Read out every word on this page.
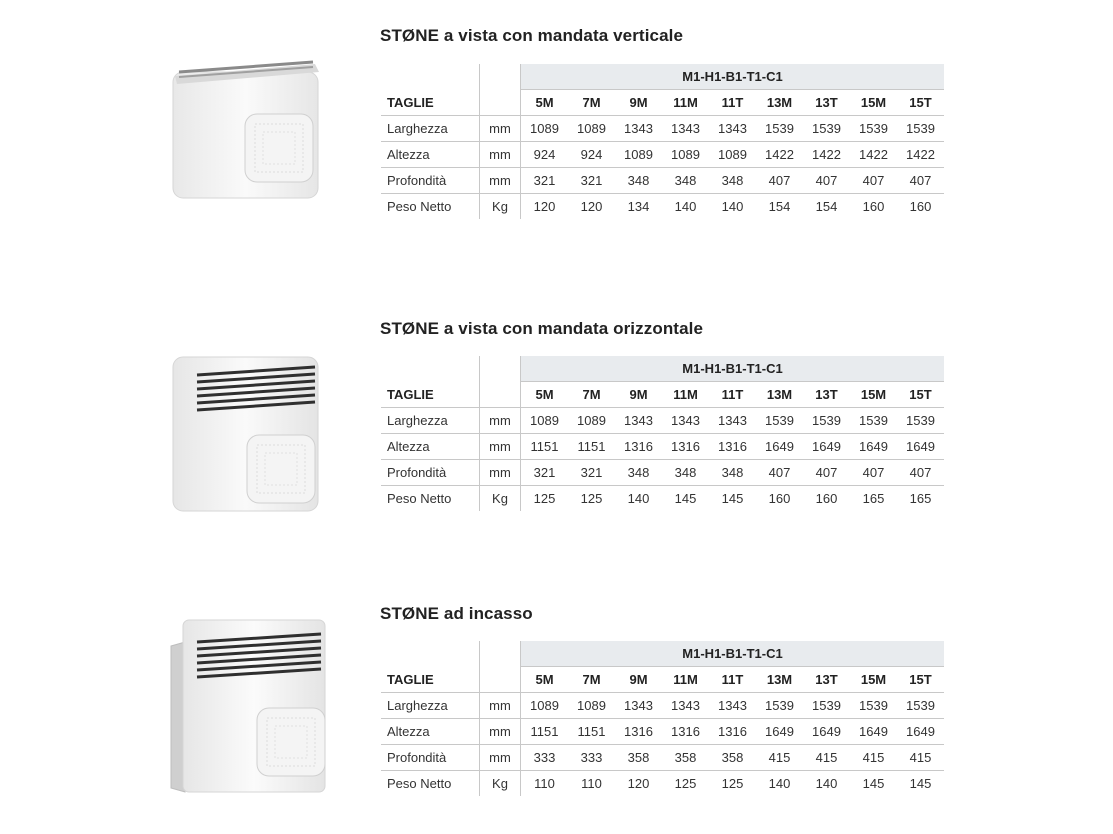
STØNE a vista con mandata verticale
		M1-H1-B1-T1-C1								
TAGLIE		5M	7M	9M	11M	11T	13M	13T	15M	15T
Larghezza	mm	1089	1089	1343	1343	1343	1539	1539	1539	1539
Altezza	mm	924	924	1089	1089	1089	1422	1422	1422	1422
Profondità	mm	321	321	348	348	348	407	407	407	407
Peso Netto	Kg	120	120	134	140	140	154	154	160	160
STØNE a vista con mandata orizzontale
		M1-H1-B1-T1-C1								
TAGLIE		5M	7M	9M	11M	11T	13M	13T	15M	15T
Larghezza	mm	1089	1089	1343	1343	1343	1539	1539	1539	1539
Altezza	mm	1151	1151	1316	1316	1316	1649	1649	1649	1649
Profondità	mm	321	321	348	348	348	407	407	407	407
Peso Netto	Kg	125	125	140	145	145	160	160	165	165
STØNE ad incasso
		M1-H1-B1-T1-C1								
TAGLIE		5M	7M	9M	11M	11T	13M	13T	15M	15T
Larghezza	mm	1089	1089	1343	1343	1343	1539	1539	1539	1539
Altezza	mm	1151	1151	1316	1316	1316	1649	1649	1649	1649
Profondità	mm	333	333	358	358	358	415	415	415	415
Peso Netto	Kg	110	110	120	125	125	140	140	145	145
